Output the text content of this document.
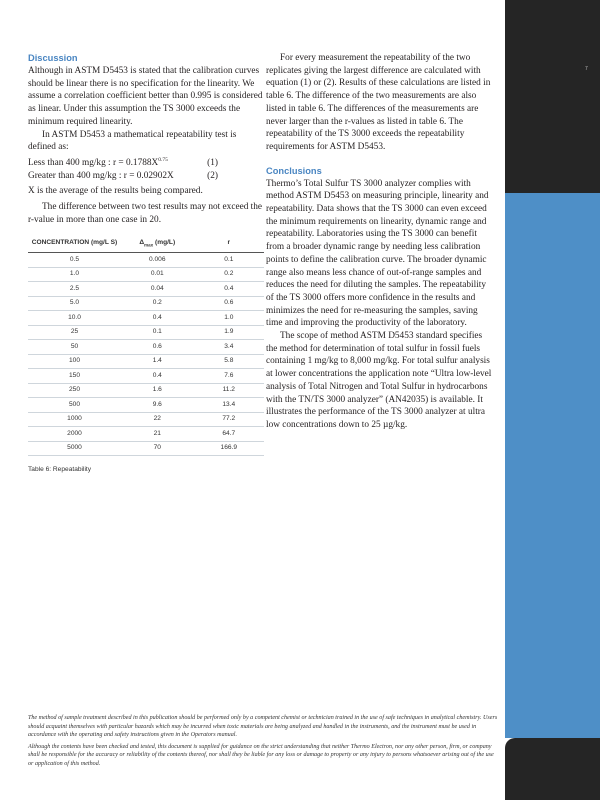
7
Discussion

Although in ASTM D5453 is stated that the calibration curves should be linear there is no specification for the linearity. We assume a correlation coefficient better than 0.995 is considered as linear. Under this assumption the TS 3000 exceeds the minimum required linearity.

In ASTM D5453 a mathematical repeatability test is defined as:

Less than 400 mg/kg : $r = 0.1788X^{0.75}$	(1)
Greater than 400 mg/kg : r = 0.02902X	(2)

X is the average of the results being compared.

The difference between two test results may not exceed the r-value in more than one case in 20.

CONCENTRATION (mg/L S)	$\Delta_{max}$ (mg/L)	r
0.5	0.006	0.1
1.0	0.01	0.2
2.5	0.04	0.4
5.0	0.2	0.6
10.0	0.4	1.0
25	0.1	1.9
50	0.6	3.4
100	1.4	5.8
150	0.4	7.6
250	1.6	11.2
500	9.6	13.4
1000	22	77.2
2000	21	64.7
5000	70	166.9
Table 6: Repeatability

For every measurement the repeatability of the two replicates giving the largest difference are calculated with equation (1) or (2). Results of these calculations are listed in table 6. The difference of the two measurements are also listed in table 6. The differences of the measurements are never larger than the r-values as listed in table 6. The repeatability of the TS 3000 exceeds the repeatability requirements for ASTM D5453.

Conclusions

Thermo’s Total Sulfur TS 3000 analyzer complies with method ASTM D5453 on measuring principle, linearity and repeatability. Data shows that the TS 3000 can even exceed the minimum requirements on linearity, dynamic range and repeatability. Laboratories using the TS 3000 can benefit from a broader dynamic range by needing less calibration points to define the calibration curve. The broader dynamic range also means less chance of out-of-range samples and reduces the need for diluting the samples. The repeatability of the TS 3000 offers more confidence in the results and minimizes the need for re-measuring the samples, saving time and improving the productivity of the laboratory.

The scope of method ASTM D5453 standard specifies the method for determination of total sulfur in fossil fuels containing 1 mg/kg to 8,000 mg/kg. For total sulfur analysis at lower concentrations the application note “Ultra low-level analysis of Total Nitrogen and Total Sulfur in hydrocarbons with the TN/TS 3000 analyzer” (AN42035) is available. It illustrates the performance of the TS 3000 analyzer at ultra low concentrations down to 25 µg/kg.

The method of sample treatment described in this publication should be performed only by a competent chemist or technician trained in the use of safe techniques in analytical chemistry. Users should acquaint themselves with particular hazards which may be incurred when toxic materials are being analyzed and handled in the instruments, and the instrument must be used in accordance with the operating and safety instructions given in the Operators manual.

Although the contents have been checked and tested, this document is supplied for guidance on the strict understanding that neither Thermo Electron, nor any other person, firm, or company shall be responsible for the accuracy or reliability of the contents thereof, nor shall they be liable for any loss or damage to property or any injury to persons whatsoever arising out of the use or application of this method.
